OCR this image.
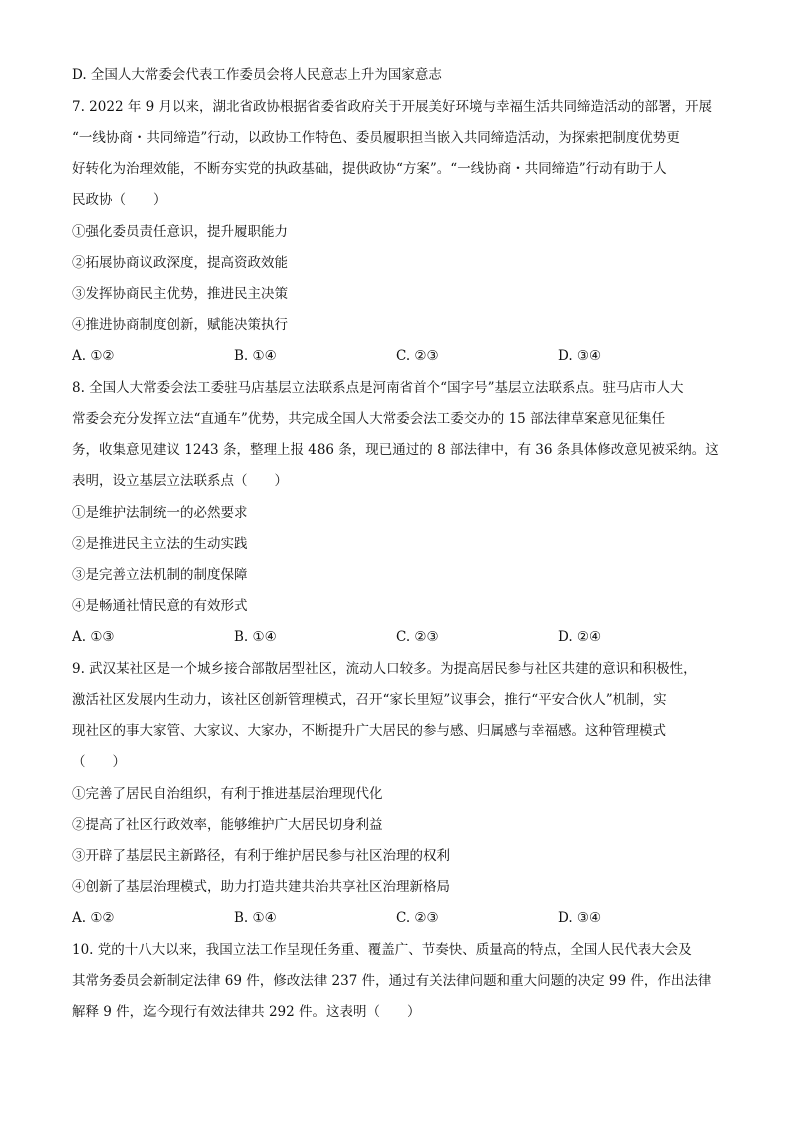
D. 全国人大常委会代表工作委员会将人民意志上升为国家意志
7. 2022 年 9 月以来，湖北省政协根据省委省政府关于开展美好环境与幸福生活共同缔造活动的部署，开展
“一线协商・共同缔造”行动，以政协工作特色、委员履职担当嵌入共同缔造活动，为探索把制度优势更
好转化为治理效能，不断夯实党的执政基础，提供政协“方案”。“一线协商・共同缔造”行动有助于人
民政协（　　）
①强化委员责任意识，提升履职能力
②拓展协商议政深度，提高资政效能
③发挥协商民主优势，推进民主决策
④推进协商制度创新，赋能决策执行
A. ①②	B. ①④	C. ②③	D. ③④
8. 全国人大常委会法工委驻马店基层立法联系点是河南省首个“国字号”基层立法联系点。驻马店市人大
常委会充分发挥立法“直通车”优势，共完成全国人大常委会法工委交办的 15 部法律草案意见征集任
务，收集意见建议 1243 条，整理上报 486 条，现已通过的 8 部法律中，有 36 条具体修改意见被采纳。这
表明，设立基层立法联系点（　　）
①是维护法制统一的必然要求
②是推进民主立法的生动实践
③是完善立法机制的制度保障
④是畅通社情民意的有效形式
A. ①③	B. ①④	C. ②③	D. ②④
9. 武汉某社区是一个城乡接合部散居型社区，流动人口较多。为提高居民参与社区共建的意识和积极性，
激活社区发展内生动力，该社区创新管理模式，召开“家长里短”议事会，推行“平安合伙人”机制，实
现社区的事大家管、大家议、大家办，不断提升广大居民的参与感、归属感与幸福感。这种管理模式
（　　）
①完善了居民自治组织，有利于推进基层治理现代化
②提高了社区行政效率，能够维护广大居民切身利益
③开辟了基层民主新路径，有利于维护居民参与社区治理的权利
④创新了基层治理模式，助力打造共建共治共享社区治理新格局
A. ①②	B. ①④	C. ②③	D. ③④
10. 党的十八大以来，我国立法工作呈现任务重、覆盖广、节奏快、质量高的特点，全国人民代表大会及
其常务委员会新制定法律 69 件，修改法律 237 件，通过有关法律问题和重大问题的决定 99 件，作出法律
解释 9 件，迄今现行有效法律共 292 件。这表明（　　）
